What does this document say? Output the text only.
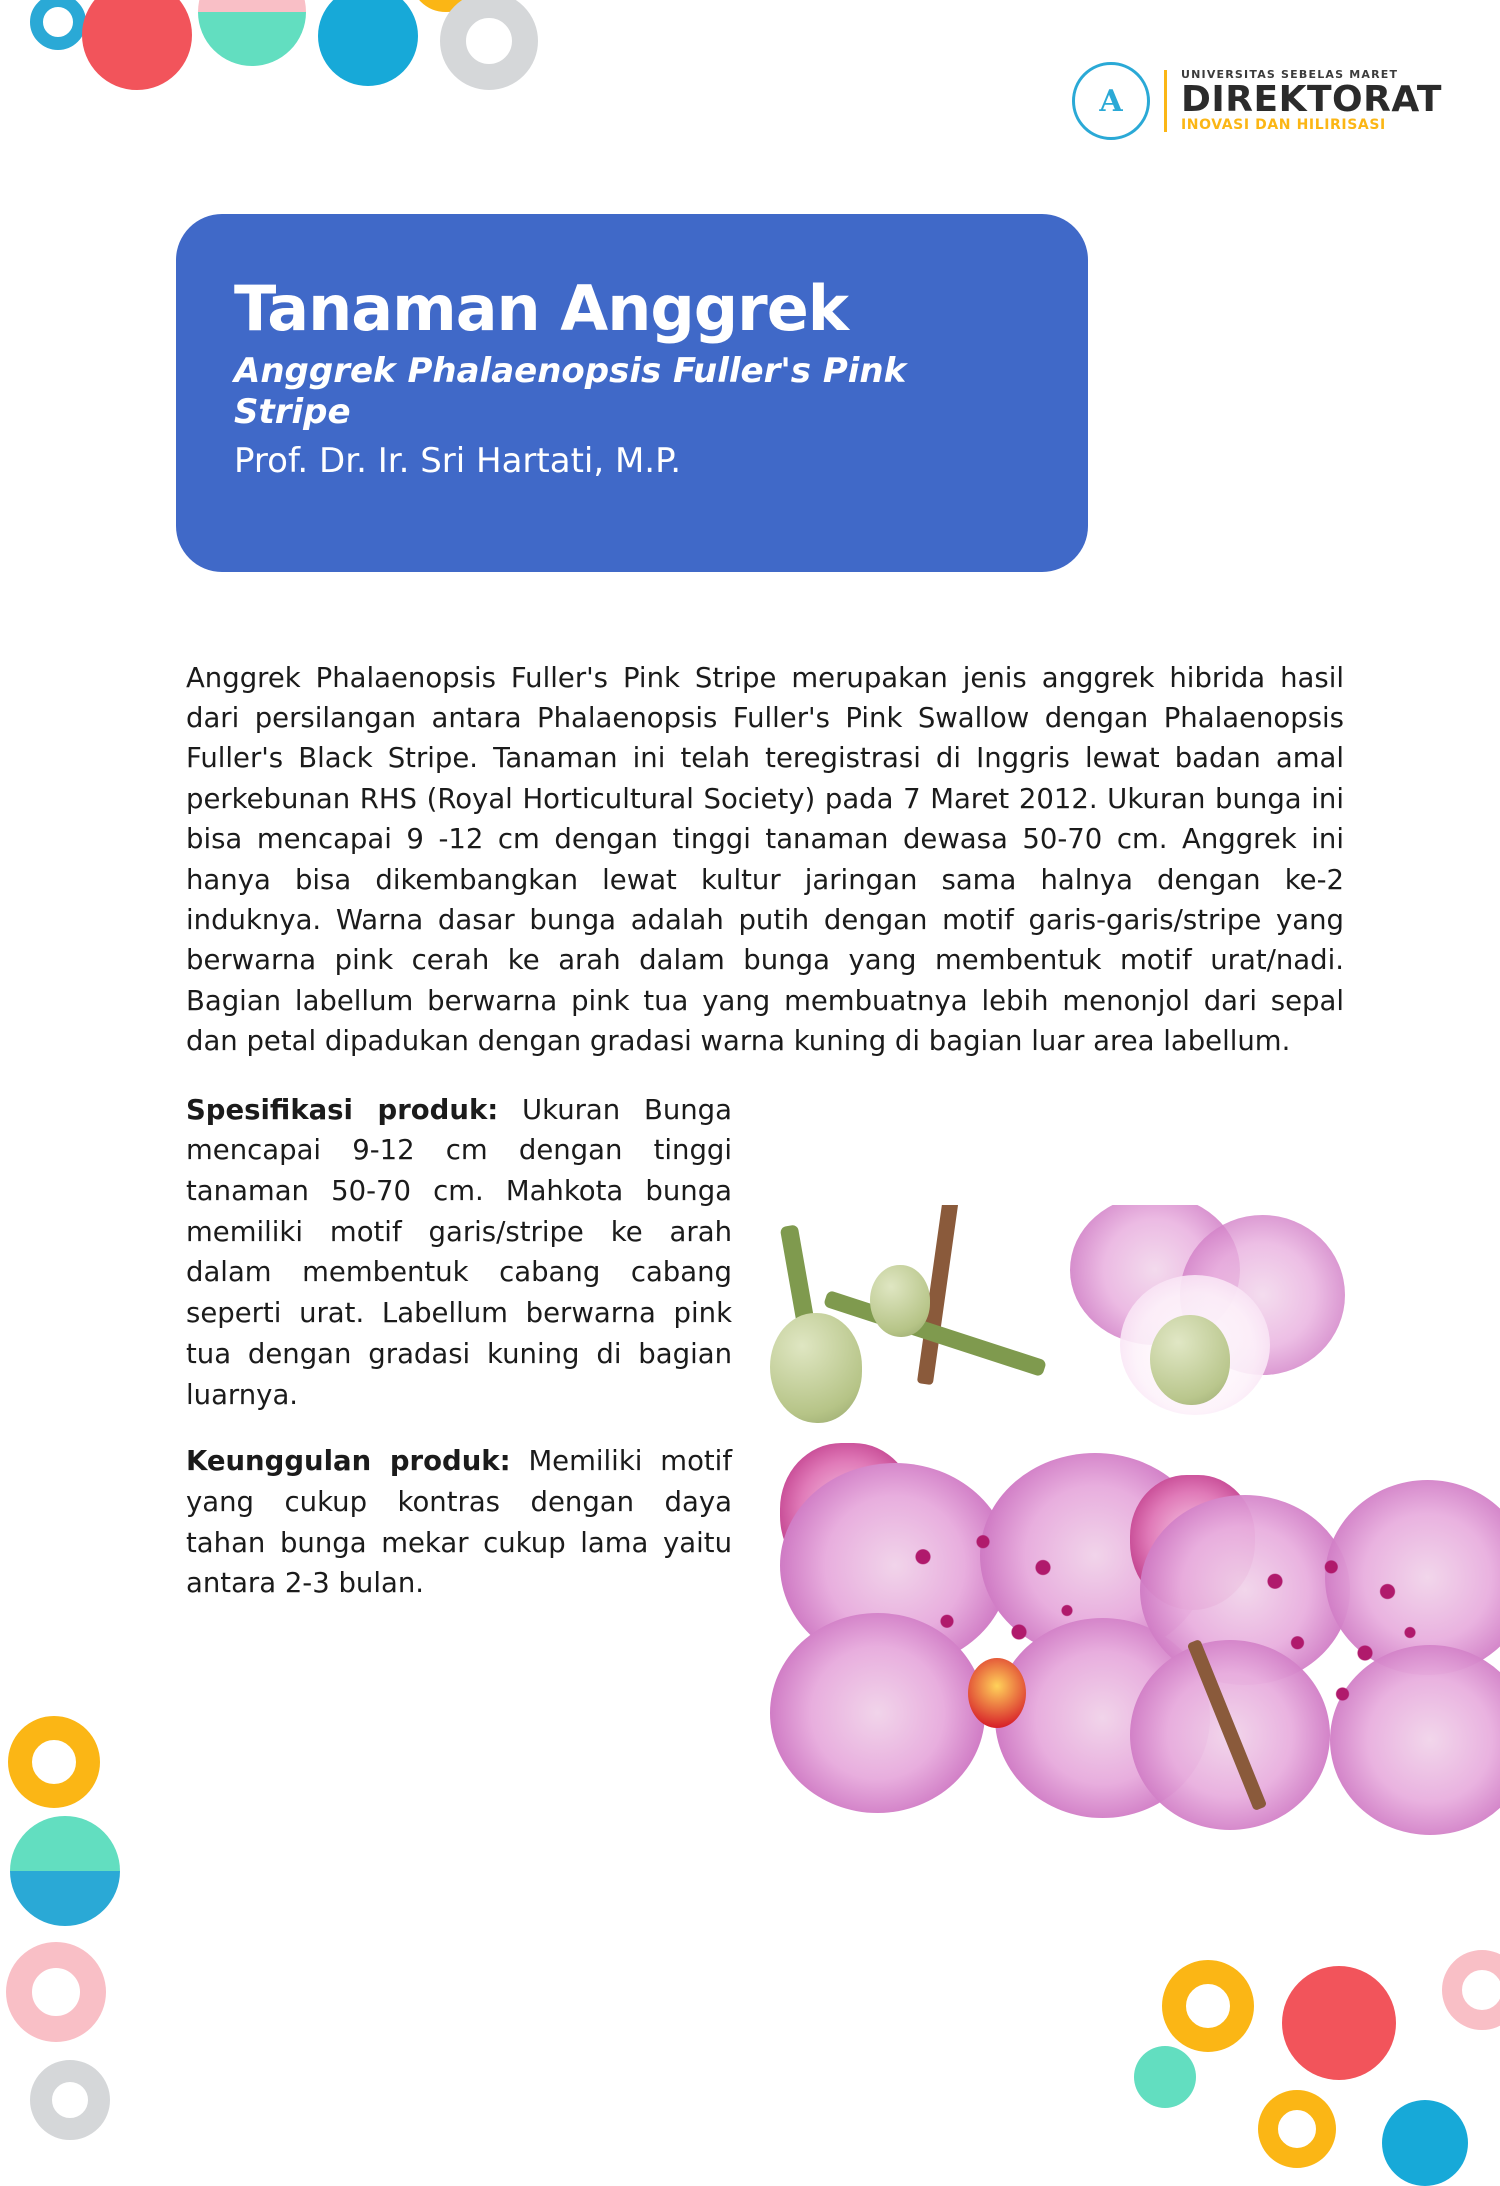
A
UNIVERSITAS SEBELAS MARET
DIREKTORAT
INOVASI DAN HILIRISASI
Tanaman Anggrek
Anggrek Phalaenopsis Fuller's Pink Stripe
Prof. Dr. Ir. Sri Hartati, M.P.

Anggrek Phalaenopsis Fuller's Pink Stripe merupakan jenis anggrek hibrida hasil dari persilangan antara Phalaenopsis Fuller's Pink Swallow dengan Phalaenopsis Fuller's Black Stripe. Tanaman ini telah teregistrasi di Inggris lewat badan amal perkebunan RHS (Royal Horticultural Society) pada 7 Maret 2012. Ukuran bunga ini bisa mencapai 9 -12 cm dengan tinggi tanaman dewasa 50-70 cm. Anggrek ini hanya bisa dikembangkan lewat kultur jaringan sama halnya dengan ke-2 induknya. Warna dasar bunga adalah putih dengan motif garis-garis/stripe yang berwarna pink cerah ke arah dalam bunga yang membentuk motif urat/nadi. Bagian labellum berwarna pink tua yang membuatnya lebih menonjol dari sepal dan petal dipadukan dengan gradasi warna kuning di bagian luar area labellum.

Spesifikasi produk: Ukuran Bunga mencapai 9-12 cm dengan tinggi tanaman 50-70 cm. Mahkota bunga memiliki motif garis/stripe ke arah dalam membentuk cabang cabang seperti urat. Labellum berwarna pink tua dengan gradasi kuning di bagian luarnya.

Keunggulan produk: Memiliki motif yang cukup kontras dengan daya tahan bunga mekar cukup lama yaitu antara 2-3 bulan.
